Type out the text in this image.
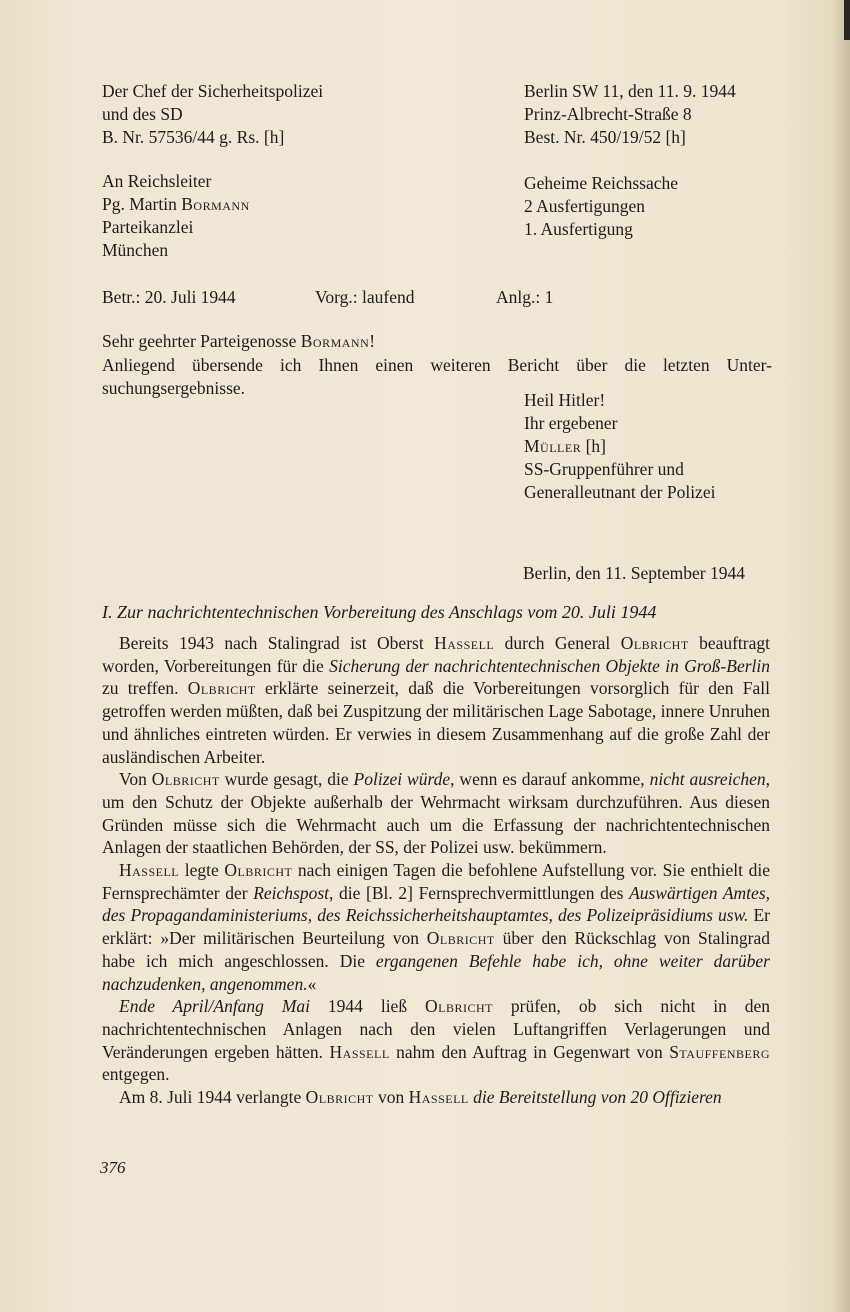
Der Chef der Sicherheitspolizei
und des SD
B. Nr. 57536/44 g. Rs. [h]
Berlin SW 11, den 11. 9. 1944
Prinz-Albrecht-Straße 8
Best. Nr. 450/19/52 [h]
An Reichsleiter
Pg. Martin Bormann
Parteikanzlei
München
Geheime Reichssache
2 Ausfertigungen
1. Ausfertigung
Betr.: 20. Juli 1944	Vorg.: laufend	Anlg.: 1
Sehr geehrter Parteigenosse Bormann!
Anliegend übersende ich Ihnen einen weiteren Bericht über die letzten Unter-
suchungsergebnisse.
Heil Hitler!
Ihr ergebener
Müller [h]
SS-Gruppenführer und
Generalleutnant der Polizei
Berlin, den 11. September 1944
I. Zur nachrichtentechnischen Vorbereitung des Anschlags vom 20. Juli 1944

Bereits 1943 nach Stalingrad ist Oberst Hassell durch General Olbricht beauftragt worden, Vorbereitungen für die Sicherung der nachrichtentechnischen Objekte in Groß-Berlin zu treffen. Olbricht erklärte seinerzeit, daß die Vorbereitungen vorsorglich für den Fall getroffen werden müßten, daß bei Zuspitzung der militärischen Lage Sabotage, innere Unruhen und ähnliches eintreten würden. Er verwies in diesem Zusammenhang auf die große Zahl der ausländischen Arbeiter.

Von Olbricht wurde gesagt, die Polizei würde, wenn es darauf ankomme, nicht ausreichen, um den Schutz der Objekte außerhalb der Wehrmacht wirksam durchzuführen. Aus diesen Gründen müsse sich die Wehrmacht auch um die Erfassung der nachrichtentechnischen Anlagen der staatlichen Behörden, der SS, der Polizei usw. bekümmern.

Hassell legte Olbricht nach einigen Tagen die befohlene Aufstellung vor. Sie enthielt die Fernsprechämter der Reichspost, die [Bl. 2] Fernsprechvermittlungen des Auswärtigen Amtes, des Propagandaministeriums, des Reichssicherheitshauptamtes, des Polizeipräsidiums usw. Er erklärt: »Der militärischen Beurteilung von Olbricht über den Rückschlag von Stalingrad habe ich mich angeschlossen. Die ergangenen Befehle habe ich, ohne weiter darüber nachzudenken, angenommen.«

Ende April/Anfang Mai 1944 ließ Olbricht prüfen, ob sich nicht in den nachrichtentechnischen Anlagen nach den vielen Luftangriffen Verlagerungen und Veränderungen ergeben hätten. Hassell nahm den Auftrag in Gegenwart von Stauffenberg entgegen.

Am 8. Juli 1944 verlangte Olbricht von Hassell die Bereitstellung von 20 Offizieren

376
